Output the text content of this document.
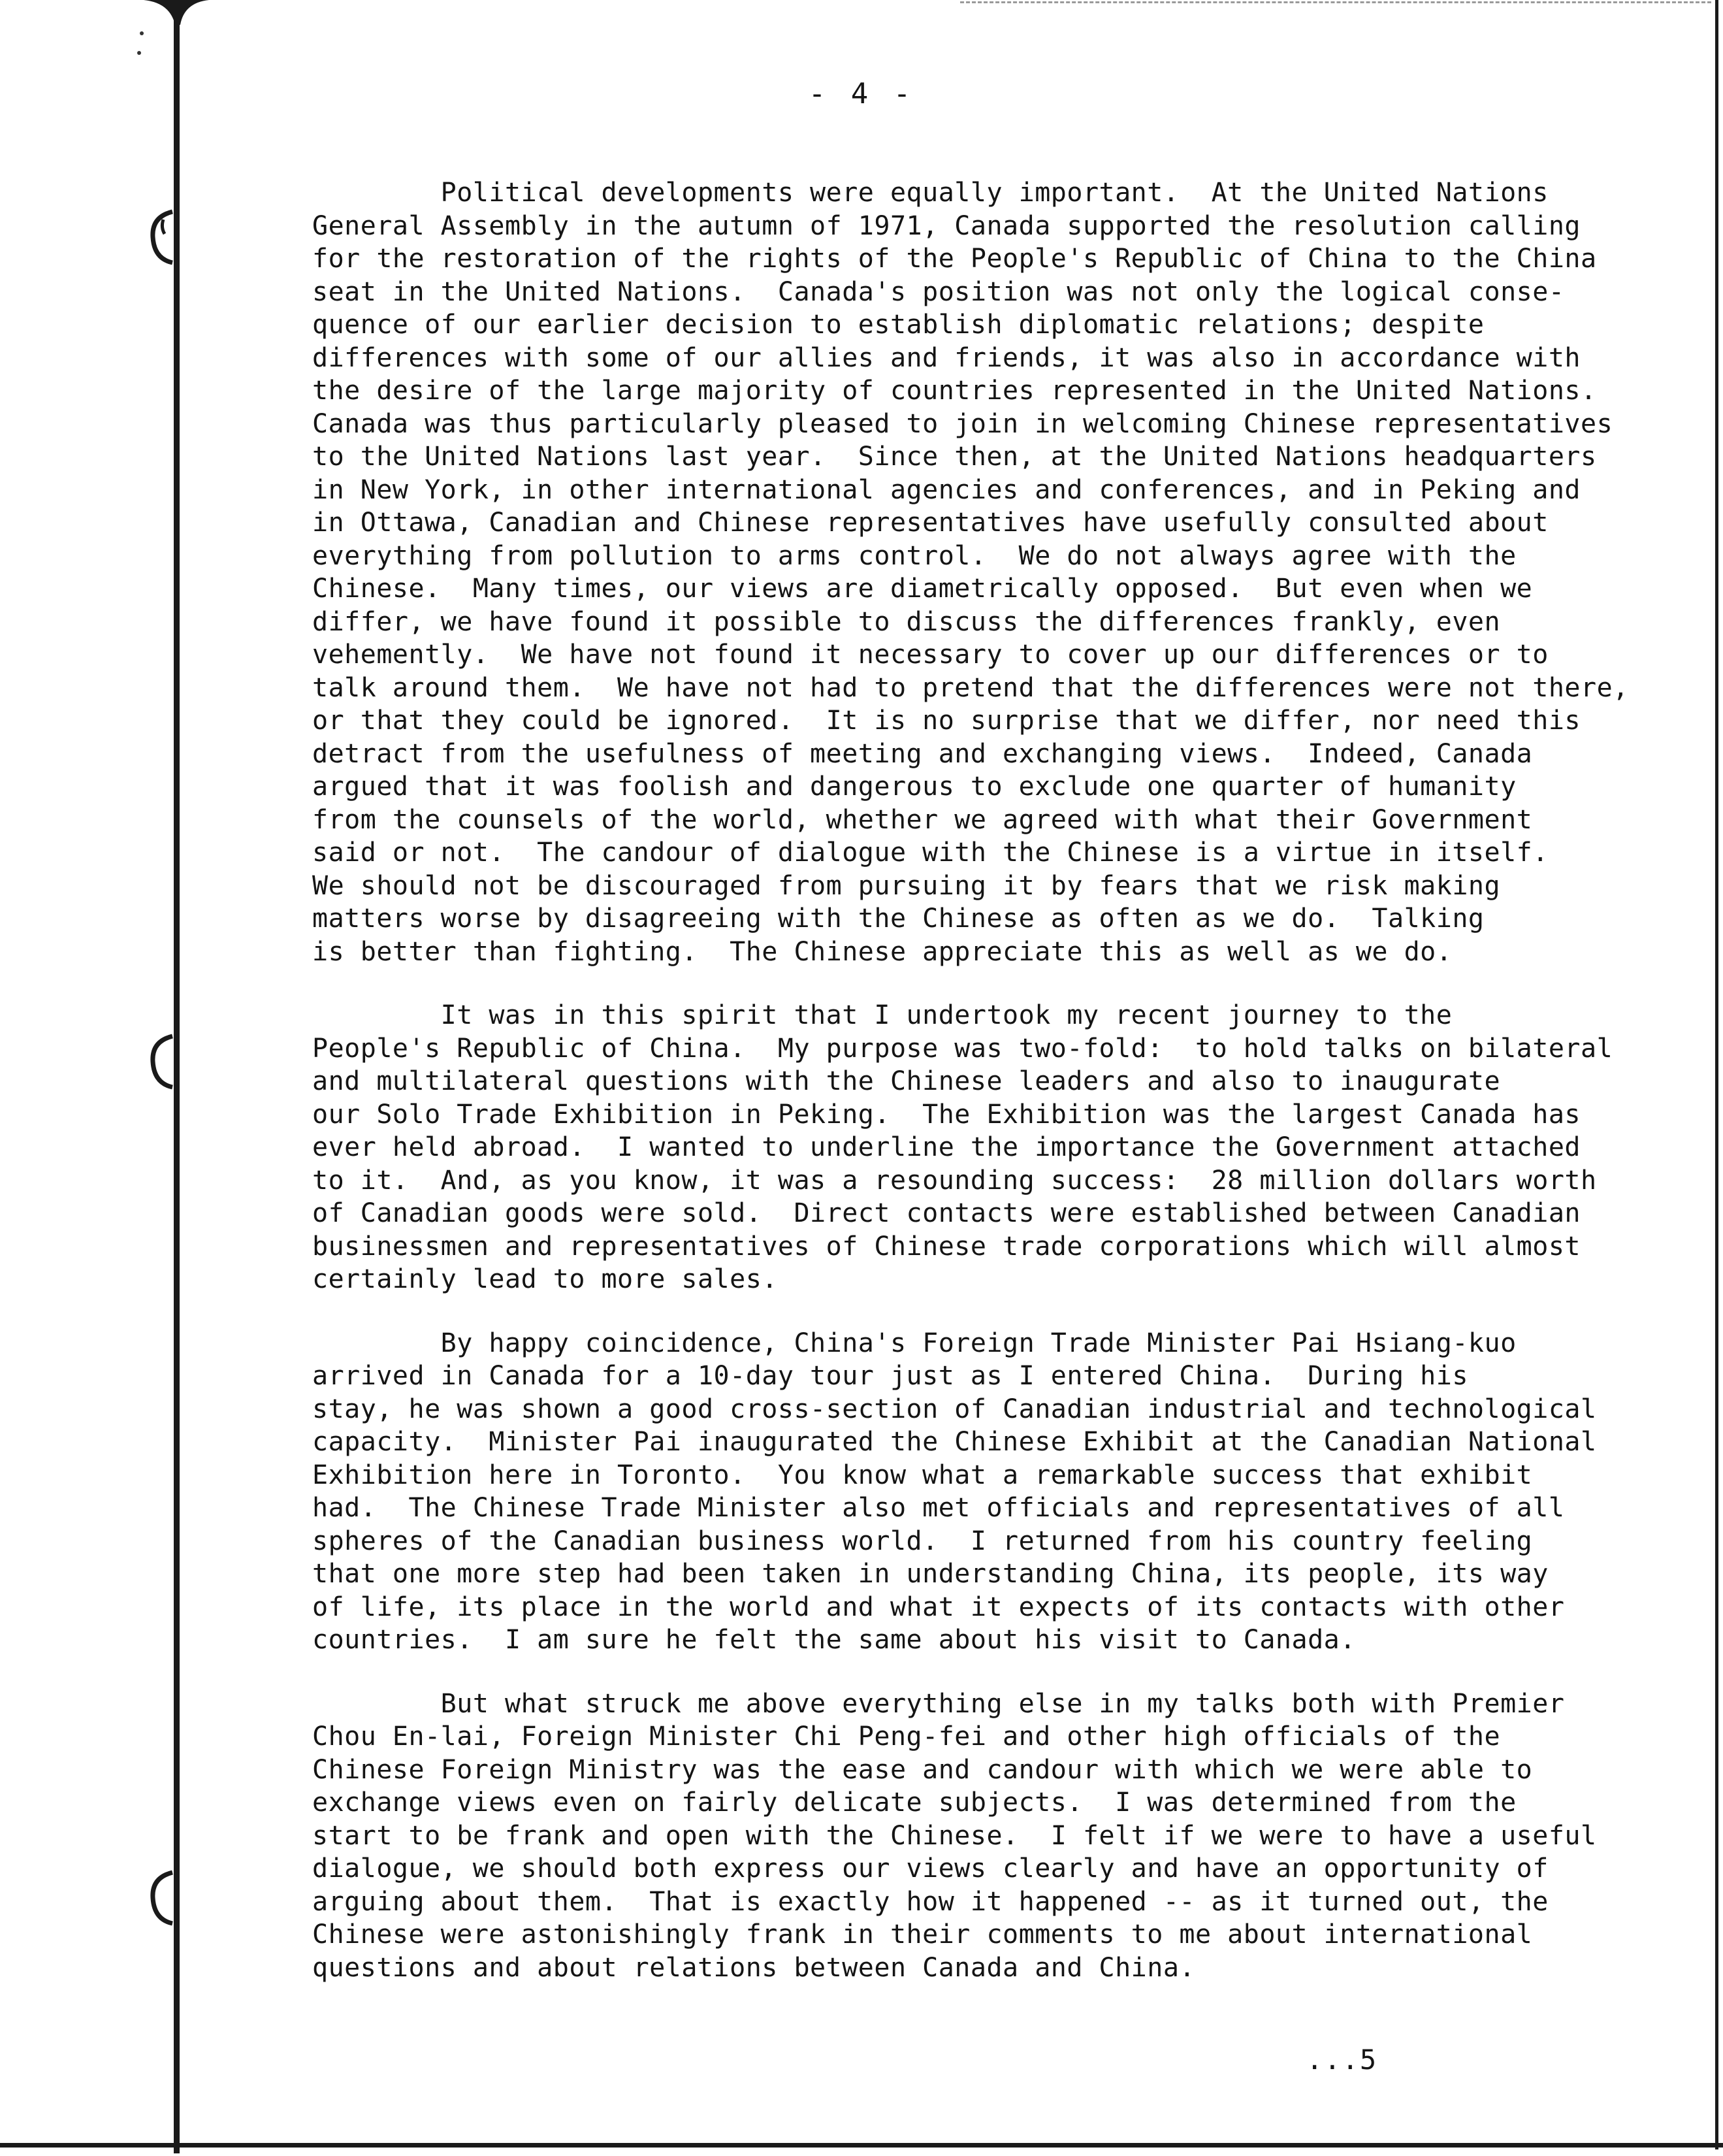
- 4 -
Political developments were equally important.  At the United Nations
General Assembly in the autumn of 1971, Canada supported the resolution calling
for the restoration of the rights of the People's Republic of China to the China
seat in the United Nations.  Canada's position was not only the logical conse-
quence of our earlier decision to establish diplomatic relations; despite
differences with some of our allies and friends, it was also in accordance with
the desire of the large majority of countries represented in the United Nations.
Canada was thus particularly pleased to join in welcoming Chinese representatives
to the United Nations last year.  Since then, at the United Nations headquarters
in New York, in other international agencies and conferences, and in Peking and
in Ottawa, Canadian and Chinese representatives have usefully consulted about
everything from pollution to arms control.  We do not always agree with the
Chinese.  Many times, our views are diametrically opposed.  But even when we
differ, we have found it possible to discuss the differences frankly, even
vehemently.  We have not found it necessary to cover up our differences or to
talk around them.  We have not had to pretend that the differences were not there,
or that they could be ignored.  It is no surprise that we differ, nor need this
detract from the usefulness of meeting and exchanging views.  Indeed, Canada
argued that it was foolish and dangerous to exclude one quarter of humanity
from the counsels of the world, whether we agreed with what their Government
said or not.  The candour of dialogue with the Chinese is a virtue in itself.
We should not be discouraged from pursuing it by fears that we risk making
matters worse by disagreeing with the Chinese as often as we do.  Talking
is better than fighting.  The Chinese appreciate this as well as we do.
It was in this spirit that I undertook my recent journey to the
People's Republic of China.  My purpose was two-fold:  to hold talks on bilateral
and multilateral questions with the Chinese leaders and also to inaugurate
our Solo Trade Exhibition in Peking.  The Exhibition was the largest Canada has
ever held abroad.  I wanted to underline the importance the Government attached
to it.  And, as you know, it was a resounding success:  28 million dollars worth
of Canadian goods were sold.  Direct contacts were established between Canadian
businessmen and representatives of Chinese trade corporations which will almost
certainly lead to more sales.
By happy coincidence, China's Foreign Trade Minister Pai Hsiang-kuo
arrived in Canada for a 10-day tour just as I entered China.  During his
stay, he was shown a good cross-section of Canadian industrial and technological
capacity.  Minister Pai inaugurated the Chinese Exhibit at the Canadian National
Exhibition here in Toronto.  You know what a remarkable success that exhibit
had.  The Chinese Trade Minister also met officials and representatives of all
spheres of the Canadian business world.  I returned from his country feeling
that one more step had been taken in understanding China, its people, its way
of life, its place in the world and what it expects of its contacts with other
countries.  I am sure he felt the same about his visit to Canada.
But what struck me above everything else in my talks both with Premier
Chou En-lai, Foreign Minister Chi Peng-fei and other high officials of the
Chinese Foreign Ministry was the ease and candour with which we were able to
exchange views even on fairly delicate subjects.  I was determined from the
start to be frank and open with the Chinese.  I felt if we were to have a useful
dialogue, we should both express our views clearly and have an opportunity of
arguing about them.  That is exactly how it happened -- as it turned out, the
Chinese were astonishingly frank in their comments to me about international
questions and about relations between Canada and China.
...5
